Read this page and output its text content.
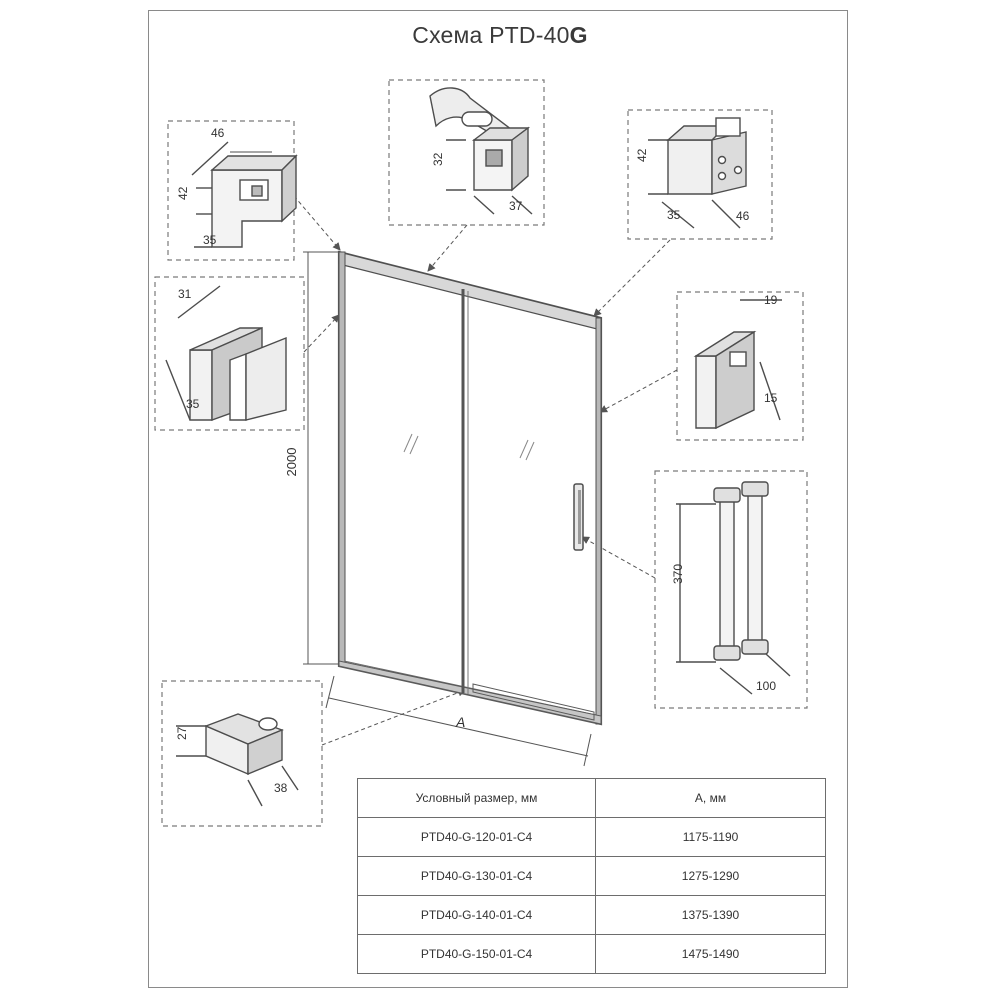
Схема PTD-40G
2000
A
46
42
35
32
37
42
35	46
31
35
19
15
370
100
27
38
Условный размер, мм	А, мм
PTD40-G-120-01-C4	1175-1190
PTD40-G-130-01-C4	1275-1290
PTD40-G-140-01-C4	1375-1390
PTD40-G-150-01-C4	1475-1490
